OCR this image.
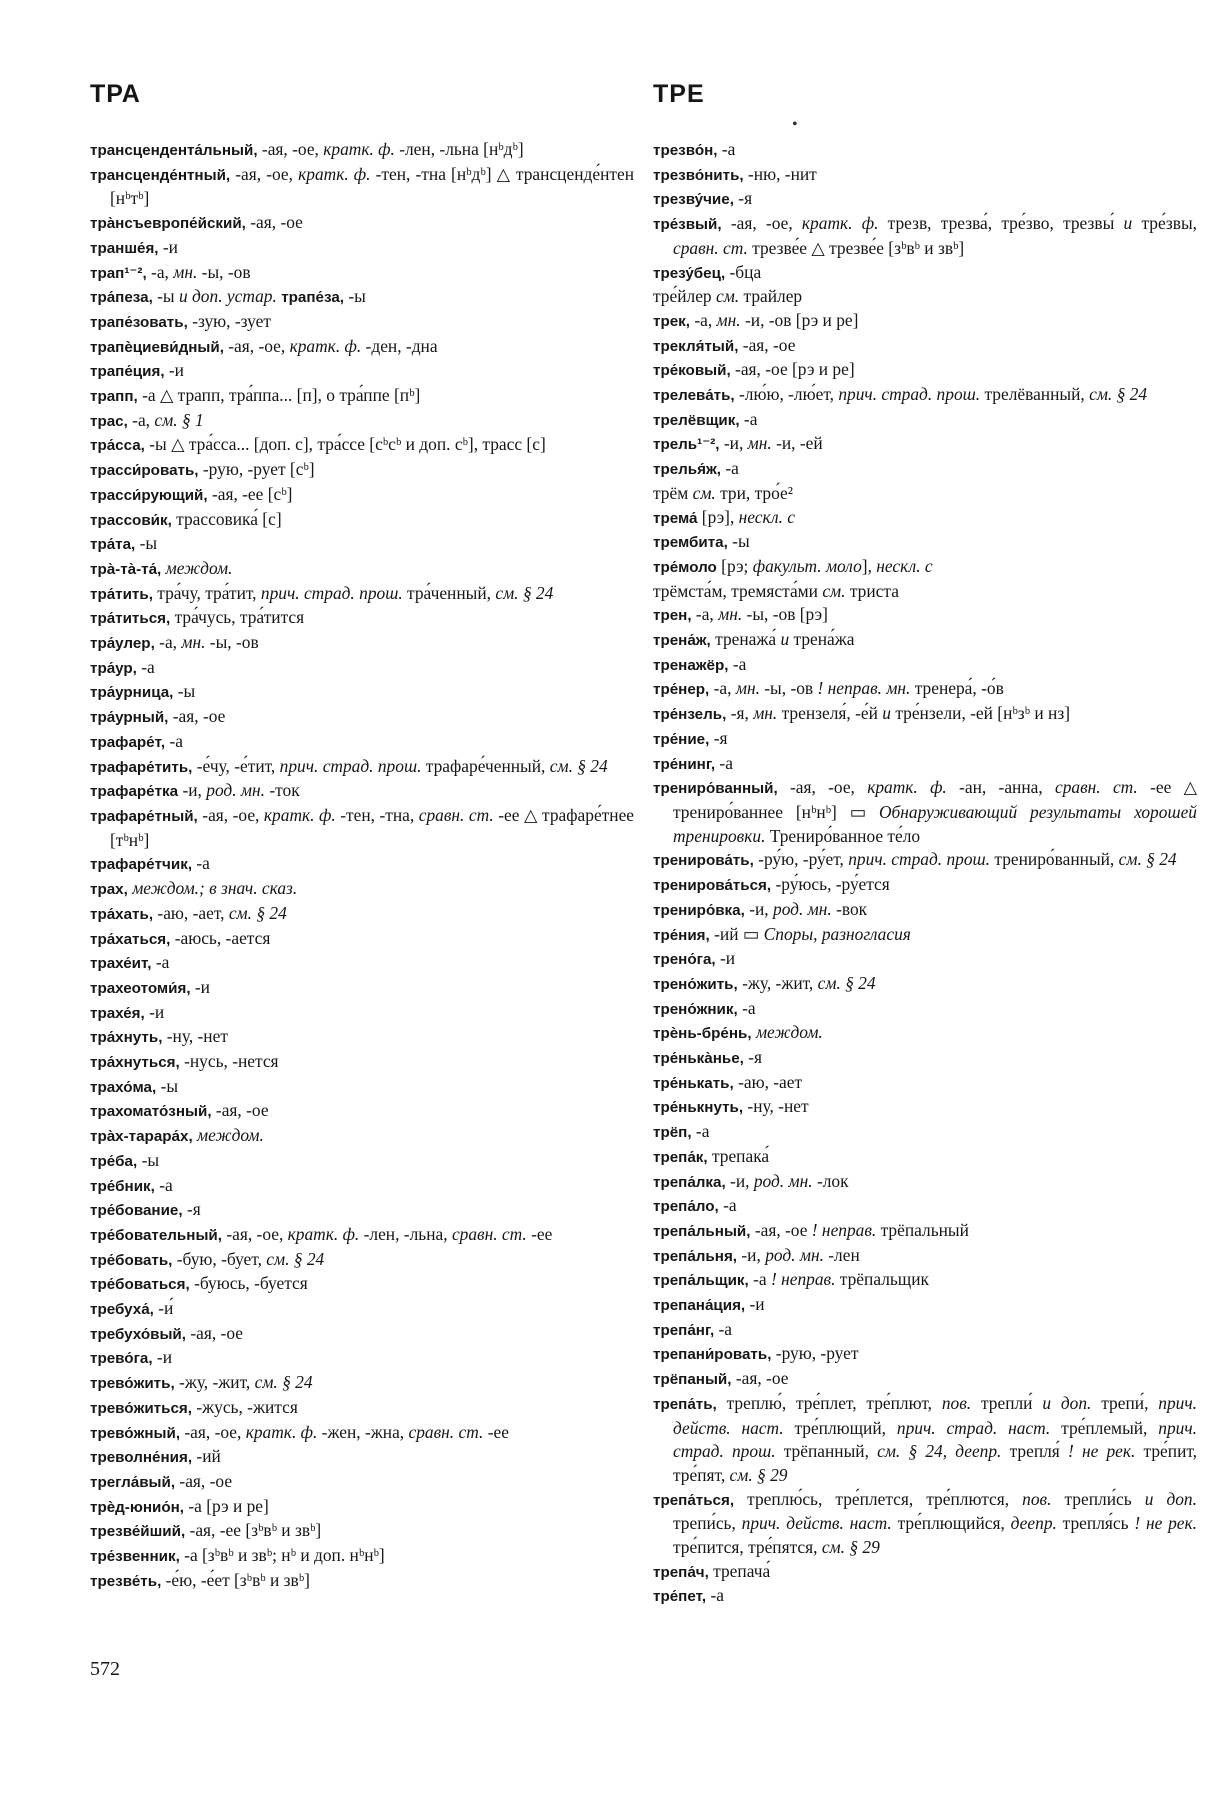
ТРА	ТРЕ

трансцендента́льный, -ая, -ое, кратк. ф. -лен, -льна [нᵇдᵇ]

трансценде́нтный, -ая, -ое, кратк. ф. -тен, -тна [нᵇдᵇ] △ трансценде́нтен [нᵇтᵇ]

тра̀нсъевропе́йский, -ая, -ое

транше́я, -и

трап¹⁻², -а, мн. -ы, -ов

тра́пеза, -ы и доп. устар. трапе́за, -ы

трапе́зовать, -зую, -зует

трапѐциеви́дный, -ая, -ое, кратк. ф. -ден, -дна

трапе́ция, -и

трапп, -а △ трапп, тра́ппа... [п], о тра́ппе [пᵇ]

трас, -а, см. § 1

тра́сса, -ы △ тра́сса... [доп. с], тра́ссе [сᵇсᵇ и доп. сᵇ], трасс [с]

трасси́ровать, -рую, -рует [сᵇ]

трасси́рующий, -ая, -ее [сᵇ]

трассови́к, трассовика́ [с]

тра́та, -ы

тра̀-та̀-та́, междом.

тра́тить, тра́чу, тра́тит, прич. страд. прош. тра́ченный, см. § 24

тра́титься, тра́чусь, тра́тится

тра́улер, -а, мн. -ы, -ов

тра́ур, -а

тра́урница, -ы

тра́урный, -ая, -ое

трафаре́т, -а

трафаре́тить, -е́чу, -е́тит, прич. страд. прош. трафаре́ченный, см. § 24

трафаре́тка -и, род. мн. -ток

трафаре́тный, -ая, -ое, кратк. ф. -тен, -тна, сравн. ст. -ее △ трафаре́тнее [тᵇнᵇ]

трафаре́тчик, -а

трах, междом.; в знач. сказ.

тра́хать, -аю, -ает, см. § 24

тра́хаться, -аюсь, -ается

трахе́ит, -а

трахеотоми́я, -и

трахе́я, -и

тра́хнуть, -ну, -нет

тра́хнуться, -нусь, -нется

трахо́ма, -ы

трахомато́зный, -ая, -ое

тра̀х-тарара́х, междом.

тре́ба, -ы

тре́бник, -а

тре́бование, -я

тре́бовательный, -ая, -ое, кратк. ф. -лен, -льна, сравн. ст. -ее

тре́бовать, -бую, -бует, см. § 24

тре́боваться, -буюсь, -буется

требуха́, -и́

требухо́вый, -ая, -ое

трево́га, -и

трево́жить, -жу, -жит, см. § 24

трево́житься, -жусь, -жится

трево́жный, -ая, -ое, кратк. ф. -жен, -жна, сравн. ст. -ее

треволне́ния, -ий

трегла́вый, -ая, -ое

трѐд-юнио́н, -а [рэ и ре]

трезве́йший, -ая, -ее [зᵇвᵇ и звᵇ]

тре́звенник, -а [зᵇвᵇ и звᵇ; нᵇ и доп. нᵇнᵇ]

трезве́ть, -е́ю, -е́ет [зᵇвᵇ и звᵇ]

трезво́н, -а

трезво́нить, -ню, -нит

трезву́чие, -я

тре́звый, -ая, -ое, кратк. ф. трезв, трезва́, тре́зво, трезвы́ и тре́звы, сравн. ст. трезве́е △ трезве́е [зᵇвᵇ и звᵇ]

трезу́бец, -бца

тре́йлер см. трайлер

трек, -а, мн. -и, -ов [рэ и ре]

трекля́тый, -ая, -ое

тре́ковый, -ая, -ое [рэ и ре]

трелева́ть, -лю́ю, -лю́ет, прич. страд. прош. трелёванный, см. § 24

трелёвщик, -а

трель¹⁻², -и, мн. -и, -ей

трелья́ж, -а

трём см. три, тро́е²

трема́ [рэ], нескл. с

трембита, -ы

тре́моло [рэ; факульт. моло], нескл. с

трёмста́м, тремяста́ми см. триста

трен, -а, мн. -ы, -ов [рэ]

трена́ж, тренажа́ и трена́жа

тренажёр, -а

тре́нер, -а, мн. -ы, -ов ! неправ. мн. тренера́, -о́в

тре́нзель, -я, мн. трензеля́, -е́й и тре́нзели, -ей [нᵇзᵇ и нз]

тре́ние, -я

тре́нинг, -а

трениро́ванный, -ая, -ое, кратк. ф. -ан, -анна, сравн. ст. -ее △ трениро́ваннее [нᵇнᵇ] ▭ Обнаруживающий результаты хорошей тренировки. Трениро́ванное те́ло

тренирова́ть, -ру́ю, -ру́ет, прич. страд. прош. трениро́ванный, см. § 24

тренирова́ться, -ру́юсь, -ру́ется

трениро́вка, -и, род. мн. -вок

тре́ния, -ий ▭ Споры, разногласия

трено́га, -и

трено́жить, -жу, -жит, см. § 24

трено́жник, -а

трѐнь-бре́нь, междом.

тре́нька̀нье, -я

тре́нькать, -аю, -ает

тре́нькнуть, -ну, -нет

трёп, -а

трепа́к, трепака́

трепа́лка, -и, род. мн. -лок

трепа́ло, -а

трепа́льный, -ая, -ое ! неправ. трёпальный

трепа́льня, -и, род. мн. -лен

трепа́льщик, -а ! неправ. трёпальщик

трепана́ция, -и

трепа́нг, -а

трепани́ровать, -рую, -рует

трёпаный, -ая, -ое

трепа́ть, треплю́, тре́плет, тре́плют, пов. трепли́ и доп. трепи́, прич. действ. наст. тре́плющий, прич. страд. наст. тре́племый, прич. страд. прош. трёпанный, см. § 24, деепр. трепля́ ! не рек. тре́пит, тре́пят, см. § 29

трепа́ться, треплю́сь, тре́плется, тре́плются, пов. трепли́сь и доп. трепи́сь, прич. действ. наст. тре́плющийся, деепр. трепля́сь ! не рек. тре́пится, тре́пятся, см. § 29

трепа́ч, трепача́

тре́пет, -а

572
•
